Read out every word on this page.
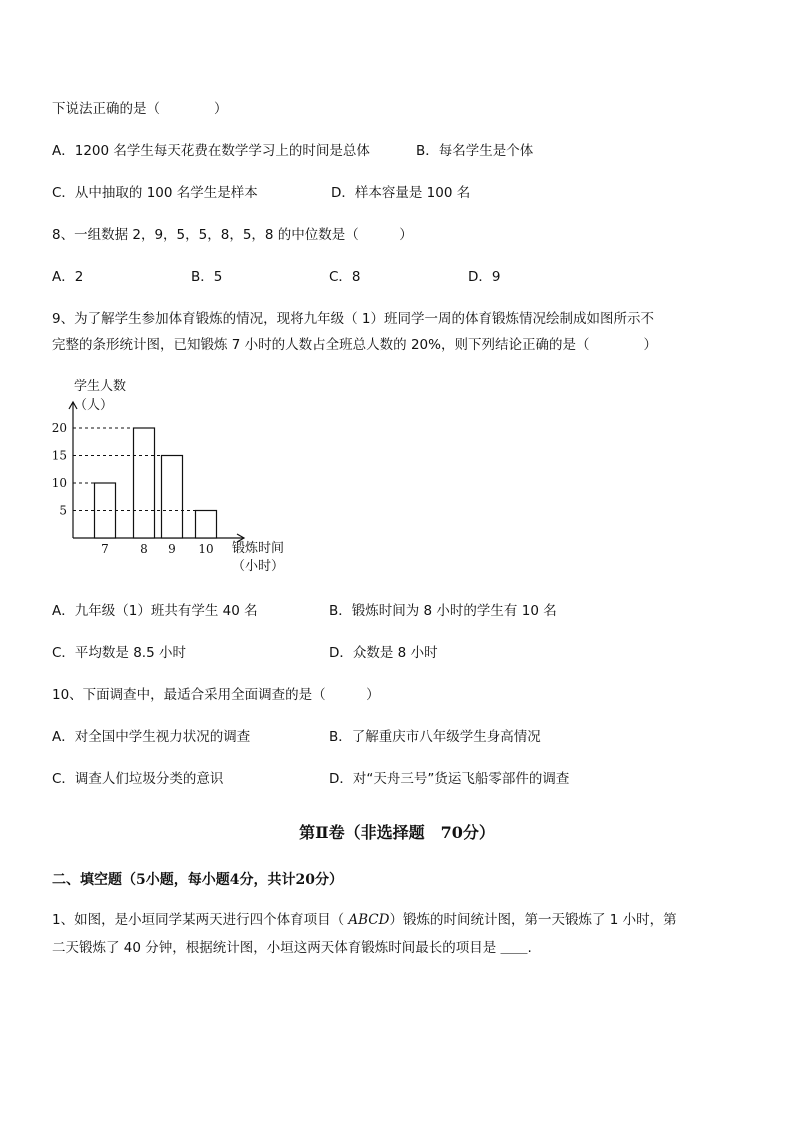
下说法正确的是（　　　　）
A．1200 名学生每天花费在数学学习上的时间是总体	B．每名学生是个体
C．从中抽取的 100 名学生是样本	D．样本容量是 100 名
8、一组数据 2，9，5，5，8，5，8 的中位数是（　　　）
A．2	B．5	C．8	D．9
9、为了解学生参加体育锻炼的情况，现将九年级（ 1）班同学一周的体育锻炼情况绘制成如图所示不
完整的条形统计图，已知锻炼 7 小时的人数占全班总人数的 20%，则下列结论正确的是（　　　　）
学生人数
（人）
锻炼时间
（小时）
5
10
15
20
7	8 9 10
A．九年级（1）班共有学生 40 名	B．锻炼时间为 8 小时的学生有 10 名
C．平均数是 8.5 小时	D．众数是 8 小时
10、下面调查中，最适合采用全面调查的是（　　　）
A．对全国中学生视力状况的调查	B．了解重庆市八年级学生身高情况
C．调查人们垃圾分类的意识	D．对“天舟三号”货运飞船零部件的调查
第Ⅱ卷（非选择题　70分）
二、填空题（5小题，每小题4分，共计20分）
1、如图，是小垣同学某两天进行四个体育项目（ ABCD）锻炼的时间统计图，第一天锻炼了 1 小时，第
二天锻炼了 40 分钟，根据统计图，小垣这两天体育锻炼时间最长的项目是 ＿＿.
